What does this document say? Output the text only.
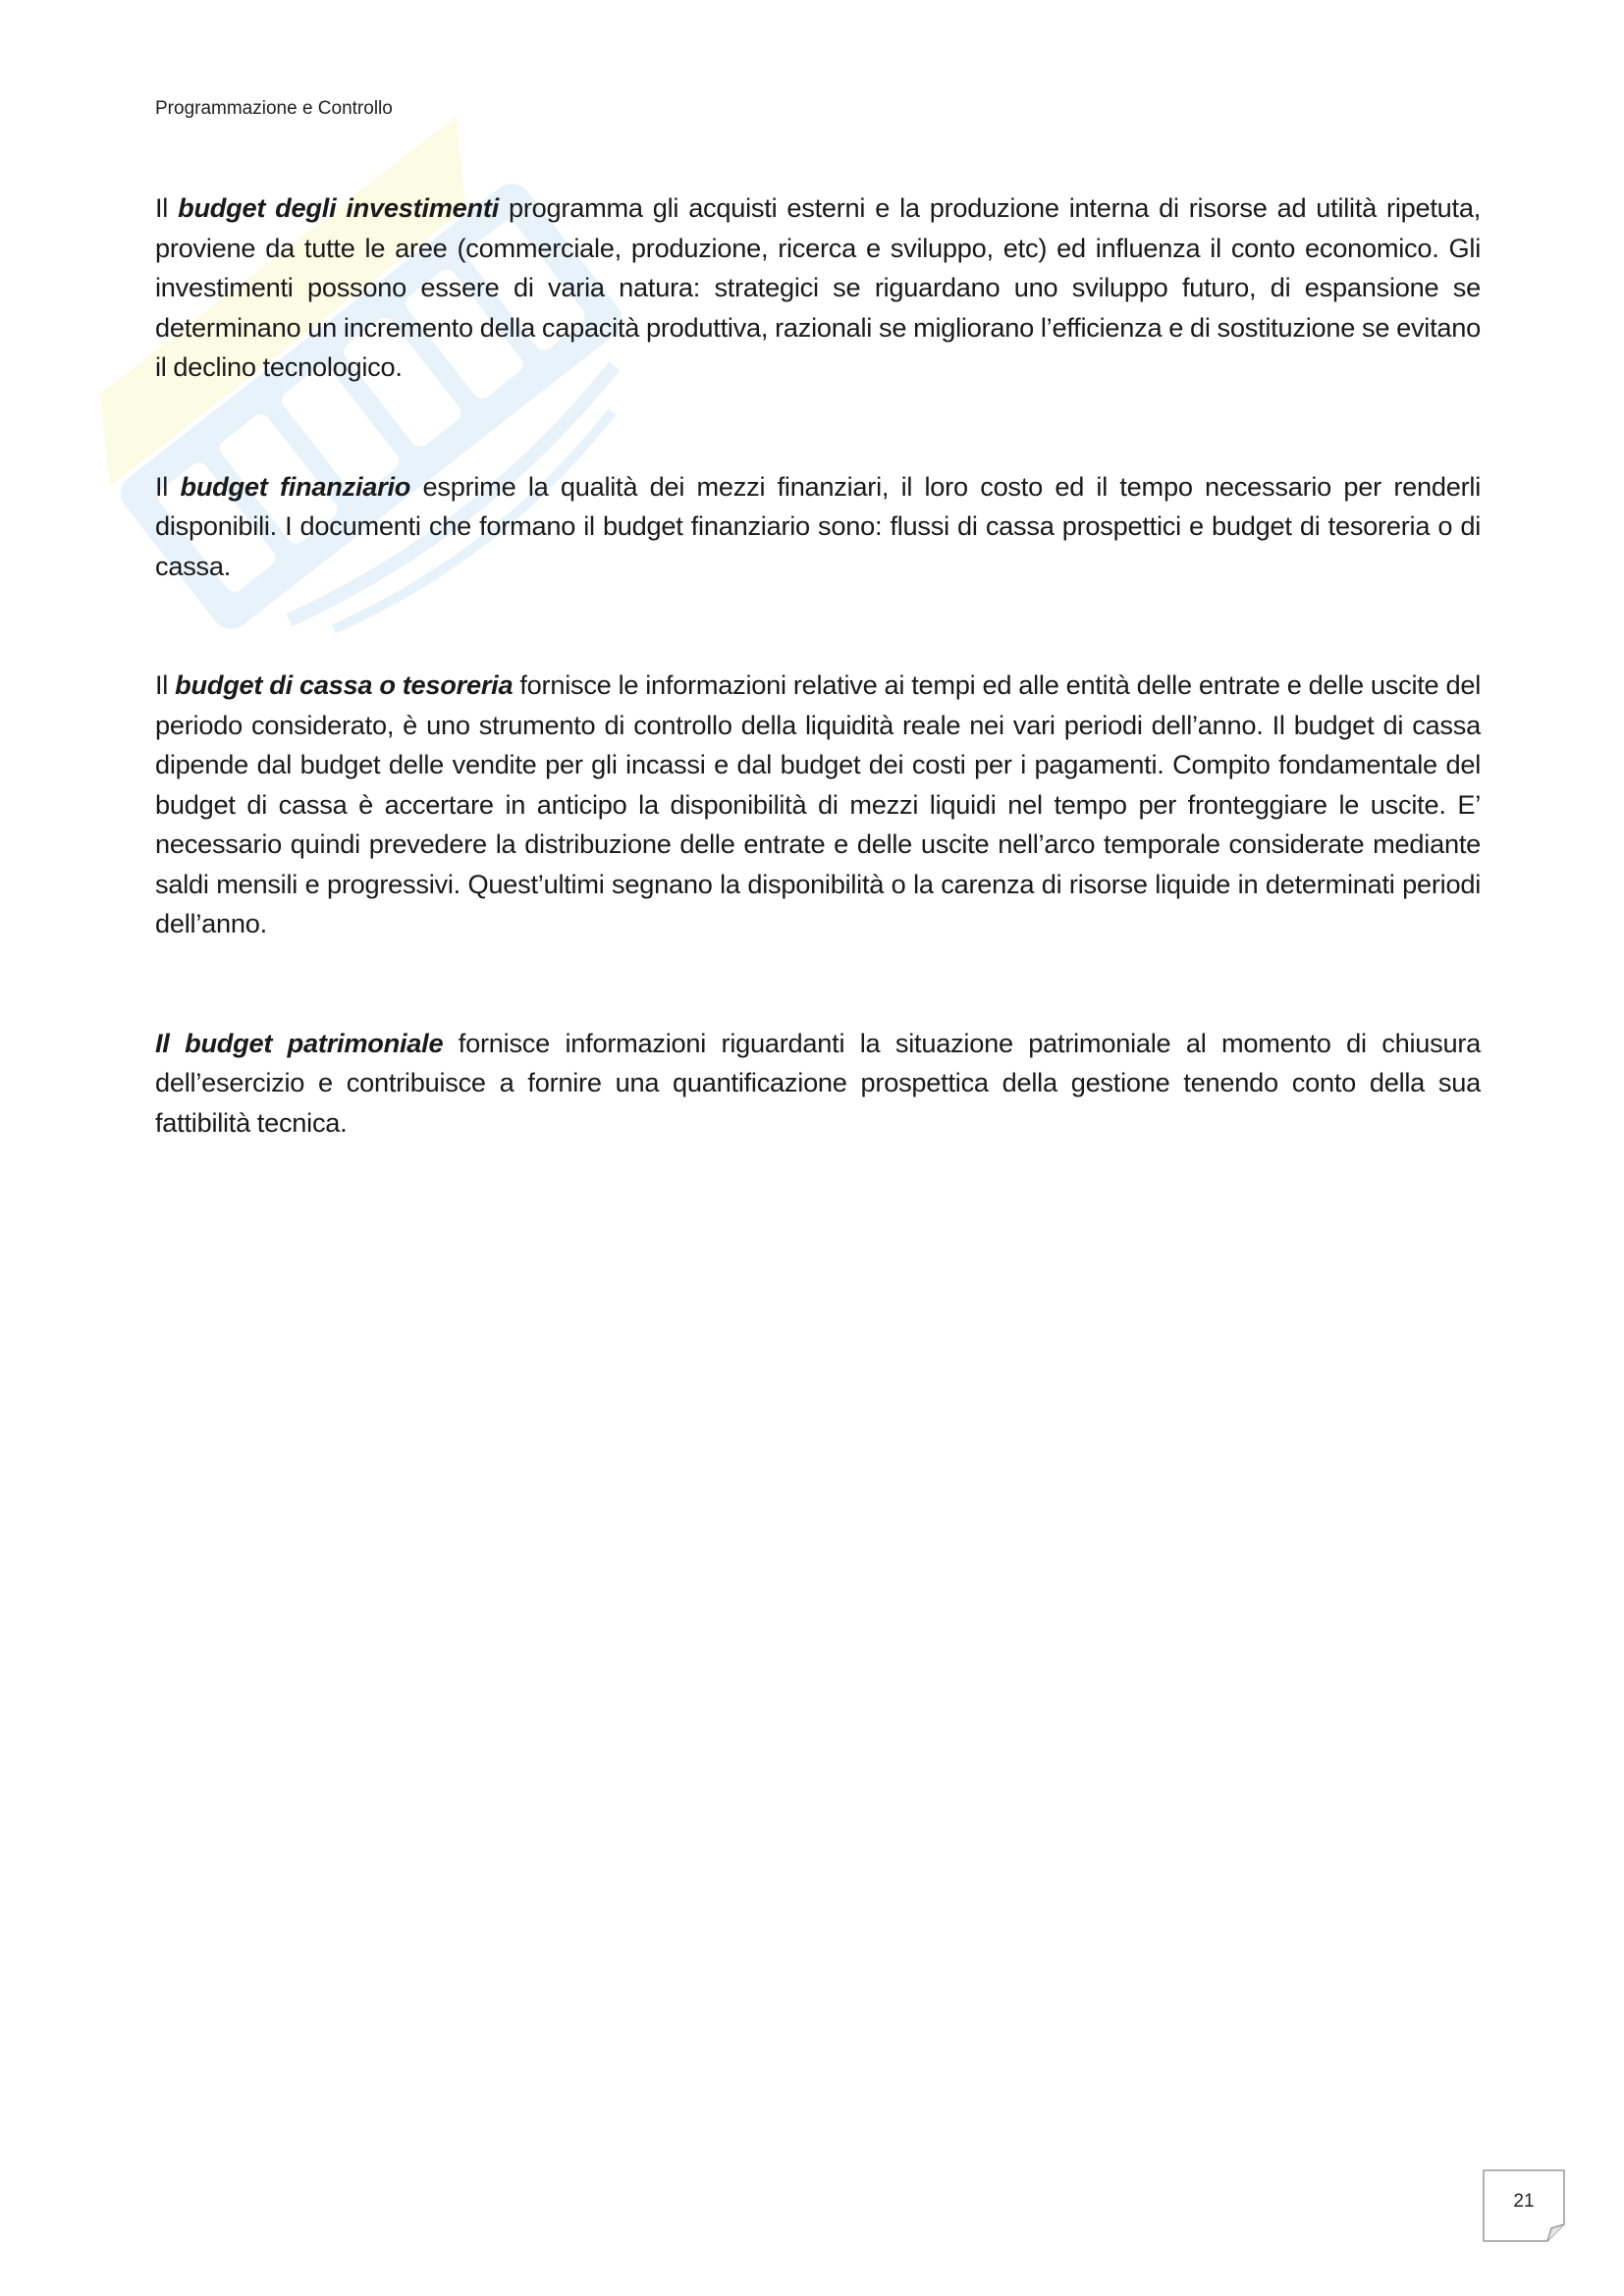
Programmazione e Controllo

Il budget degli investimenti programma gli acquisti esterni e la produzione interna di risorse ad utilità ripetuta, proviene da tutte le aree (commerciale, produzione, ricerca e sviluppo, etc) ed influenza il conto economico. Gli investimenti possono essere di varia natura: strategici se riguardano uno sviluppo futuro, di espansione se determinano un incremento della capacità produttiva, razionali se migliorano l’efficienza e di sostituzione se evitano il declino tecnologico.

Il budget finanziario esprime la qualità dei mezzi finanziari, il loro costo ed il tempo necessario per renderli disponibili. I documenti che formano il budget finanziario sono: flussi di cassa prospettici e budget di tesoreria o di cassa.

Il budget di cassa o tesoreria fornisce le informazioni relative ai tempi ed alle entità delle entrate e delle uscite del periodo considerato, è uno strumento di controllo della liquidità reale nei vari periodi dell’anno. Il budget di cassa dipende dal budget delle vendite per gli incassi e dal budget dei costi per i pagamenti. Compito fondamentale del budget di cassa è accertare in anticipo la disponibilità di mezzi liquidi nel tempo per fronteggiare le uscite. E’ necessario quindi prevedere la distribuzione delle entrate e delle uscite nell’arco temporale considerate mediante saldi mensili e progressivi. Quest’ultimi segnano la disponibilità o la carenza di risorse liquide in determinati periodi dell’anno.

Il budget patrimoniale fornisce informazioni riguardanti la situazione patrimoniale al momento di chiusura dell’esercizio e contribuisce a fornire una quantificazione prospettica della gestione tenendo conto della sua fattibilità tecnica.

21
